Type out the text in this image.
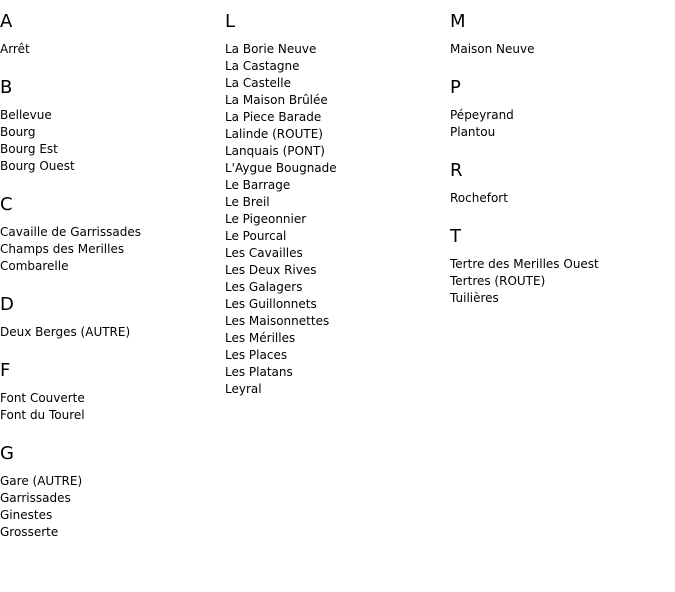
A
Arrêt
B
Bellevue
Bourg
Bourg Est
Bourg Ouest
C
Cavaille de Garrissades
Champs des Merilles
Combarelle
D
Deux Berges (AUTRE)
F
Font Couverte
Font du Tourel
G
Gare (AUTRE)
Garrissades
Ginestes
Grosserte
L
La Borie Neuve
La Castagne
La Castelle
La Maison Brûlée
La Piece Barade
Lalinde (ROUTE)
Lanquais (PONT)
L'Aygue Bougnade
Le Barrage
Le Breil
Le Pigeonnier
Le Pourcal
Les Cavailles
Les Deux Rives
Les Galagers
Les Guillonnets
Les Maisonnettes
Les Mérilles
Les Places
Les Platans
Leyral
M
Maison Neuve
P
Pépeyrand
Plantou
R
Rochefort
T
Tertre des Merilles Ouest
Tertres (ROUTE)
Tuilières
